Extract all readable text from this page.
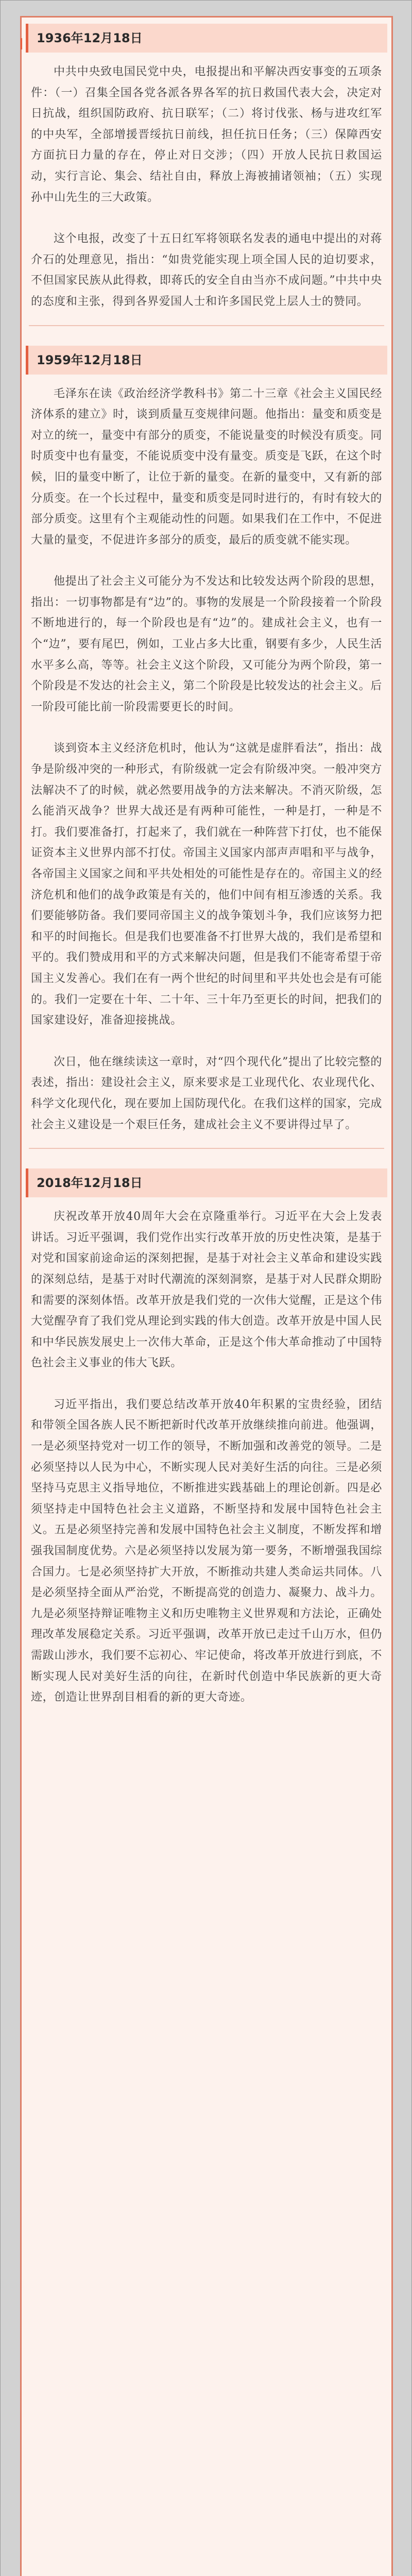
1936年12月18日

中共中央致电国民党中央，电报提出和平解决西安事变的五项条件：（一）召集全国各党各派各界各军的抗日救国代表大会，决定对日抗战，组织国防政府、抗日联军；（二）将讨伐张、杨与进攻红军的中央军，全部增援晋绥抗日前线，担任抗日任务；（三）保障西安方面抗日力量的存在，停止对日交涉；（四）开放人民抗日救国运动，实行言论、集会、结社自由，释放上海被捕诸领袖；（五）实现孙中山先生的三大政策。

这个电报，改变了十五日红军将领联名发表的通电中提出的对蒋介石的处理意见，指出：“如贵党能实现上项全国人民的迫切要求，不但国家民族从此得救，即蒋氏的安全自由当亦不成问题。”中共中央的态度和主张，得到各界爱国人士和许多国民党上层人士的赞同。

1959年12月18日

毛泽东在读《政治经济学教科书》第二十三章《社会主义国民经济体系的建立》时，谈到质量互变规律问题。他指出：量变和质变是对立的统一，量变中有部分的质变，不能说量变的时候没有质变。同时质变中也有量变，不能说质变中没有量变。质变是飞跃，在这个时候，旧的量变中断了，让位于新的量变。在新的量变中，又有新的部分质变。在一个长过程中，量变和质变是同时进行的，有时有较大的部分质变。这里有个主观能动性的问题。如果我们在工作中，不促进大量的量变，不促进许多部分的质变，最后的质变就不能实现。

他提出了社会主义可能分为不发达和比较发达两个阶段的思想，指出：一切事物都是有“边”的。事物的发展是一个阶段接着一个阶段不断地进行的，每一个阶段也是有“边”的。建成社会主义，也有一个“边”，要有尾巴，例如，工业占多大比重，钢要有多少，人民生活水平多么高，等等。社会主义这个阶段，又可能分为两个阶段，第一个阶段是不发达的社会主义，第二个阶段是比较发达的社会主义。后一阶段可能比前一阶段需要更长的时间。

谈到资本主义经济危机时，他认为“这就是虚胖看法”，指出：战争是阶级冲突的一种形式，有阶级就一定会有阶级冲突。一般冲突方法解决不了的时候，就必然要用战争的方法来解决。不消灭阶级，怎么能消灭战争？世界大战还是有两种可能性，一种是打，一种是不打。我们要准备打，打起来了，我们就在一种阵营下打仗，也不能保证资本主义世界内部不打仗。帝国主义国家内部声声唱和平与战争，各帝国主义国家之间和平共处相处的可能性是存在的。帝国主义的经济危机和他们的战争政策是有关的，他们中间有相互渗透的关系。我们要能够防备。我们要同帝国主义的战争策划斗争，我们应该努力把和平的时间拖长。但是我们也要准备不打世界大战的，我们是希望和平的。我们赞成用和平的方式来解决问题，但是我们不能寄希望于帝国主义发善心。我们在有一两个世纪的时间里和平共处也会是有可能的。我们一定要在十年、二十年、三十年乃至更长的时间，把我们的国家建设好，准备迎接挑战。

次日，他在继续读这一章时，对“四个现代化”提出了比较完整的表述，指出：建设社会主义，原来要求是工业现代化、农业现代化、科学文化现代化，现在要加上国防现代化。在我们这样的国家，完成社会主义建设是一个艰巨任务，建成社会主义不要讲得过早了。

2018年12月18日

庆祝改革开放40周年大会在京隆重举行。习近平在大会上发表讲话。习近平强调，我们党作出实行改革开放的历史性决策，是基于对党和国家前途命运的深刻把握，是基于对社会主义革命和建设实践的深刻总结，是基于对时代潮流的深刻洞察，是基于对人民群众期盼和需要的深刻体悟。改革开放是我们党的一次伟大觉醒，正是这个伟大觉醒孕育了我们党从理论到实践的伟大创造。改革开放是中国人民和中华民族发展史上一次伟大革命，正是这个伟大革命推动了中国特色社会主义事业的伟大飞跃。

习近平指出，我们要总结改革开放40年积累的宝贵经验，团结和带领全国各族人民不断把新时代改革开放继续推向前进。他强调，一是必须坚持党对一切工作的领导，不断加强和改善党的领导。二是必须坚持以人民为中心，不断实现人民对美好生活的向往。三是必须坚持马克思主义指导地位，不断推进实践基础上的理论创新。四是必须坚持走中国特色社会主义道路，不断坚持和发展中国特色社会主义。五是必须坚持完善和发展中国特色社会主义制度，不断发挥和增强我国制度优势。六是必须坚持以发展为第一要务，不断增强我国综合国力。七是必须坚持扩大开放，不断推动共建人类命运共同体。八是必须坚持全面从严治党，不断提高党的创造力、凝聚力、战斗力。九是必须坚持辩证唯物主义和历史唯物主义世界观和方法论，正确处理改革发展稳定关系。习近平强调，改革开放已走过千山万水，但仍需跋山涉水，我们要不忘初心、牢记使命，将改革开放进行到底，不断实现人民对美好生活的向往，在新时代创造中华民族新的更大奇迹，创造让世界刮目相看的新的更大奇迹。
